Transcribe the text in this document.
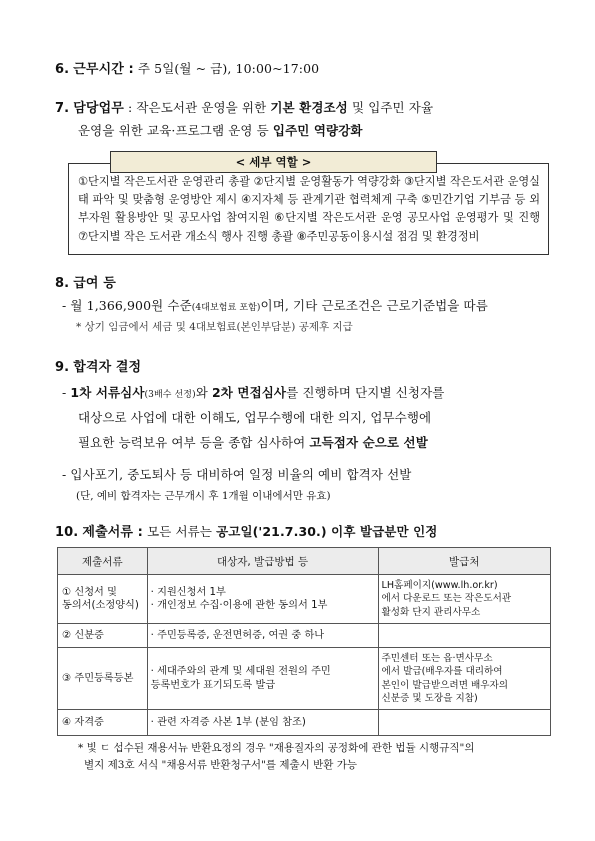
6. 근무시간 : 주 5일(월 ~ 금), 10:00~17:00
7. 담당업무 : 작은도서관 운영을 위한 기본 환경조성 및 입주민 자율
운영을 위한 교육·프로그램 운영 등 입주민 역량강화
< 세부 역할 >
①단지별 작은도서관 운영관리 총괄 ②단지별 운영활동가 역량강화 ③단지별 작은도서관 운영실태 파악 및 맞춤형 운영방안 제시 ④지자체 등 관계기관 협력체계 구축 ⑤민간기업 기부금 등 외부자원 활용방안 및 공모사업 참여지원 ⑥단지별 작은도서관 운영 공모사업 운영평가 및 진행 ⑦단지별 작은 도서관 개소식 행사 진행 총괄 ⑧주민공동이용시설 점검 및 환경정비
8. 급여 등
- 월 1,366,900원 수준(4대보험료 포함)이며, 기타 근로조건은 근로기준법을 따름
* 상기 임금에서 세금 및 4대보험료(본인부담분) 공제후 지급
9. 합격자 결정
- 1차 서류심사(3배수 선정)와 2차 면접심사를 진행하며 단지별 신청자를
대상으로 사업에 대한 이해도, 업무수행에 대한 의지, 업무수행에
필요한 능력보유 여부 등을 종합 심사하여 고득점자 순으로 선발
- 입사포기, 중도퇴사 등 대비하여 일정 비율의 예비 합격자 선발
(단, 예비 합격자는 근무개시 후 1개월 이내에서만 유효)
10. 제출서류 : 모든 서류는 공고일('21.7.30.) 이후 발급분만 인정
제출서류	대상자, 발급방법 등	발급처
① 신청서 및
동의서(소정양식)	· 지원신청서 1부
· 개인정보 수집·이용에 관한 동의서 1부	LH홈페이지(www.lh.or.kr)
에서 다운로드 또는 작은도서관
활성화 단지 관리사무소
② 신분증	· 주민등록증, 운전면허증, 여권 중 하나	
③ 주민등록등본	· 세대주와의 관계 및 세대원 전원의 주민
등록번호가 표기되도록 발급	주민센터 또는 읍·면사무소
에서 발급(배우자를 대리하여
본인이 발급받으려면 배우자의
신분증 및 도장을 지참)
④ 자격증	· 관련 자격증 사본 1부 (분임 참조)	
* 빛 ㄷ 섭수된 재용서뉴 반환요정의 경우 "재용질자의 공정화에 관한 법듈 시행규직"의
별지 제3호 서식 "채용서류 반환청구서"를 제출시 반환 가능
